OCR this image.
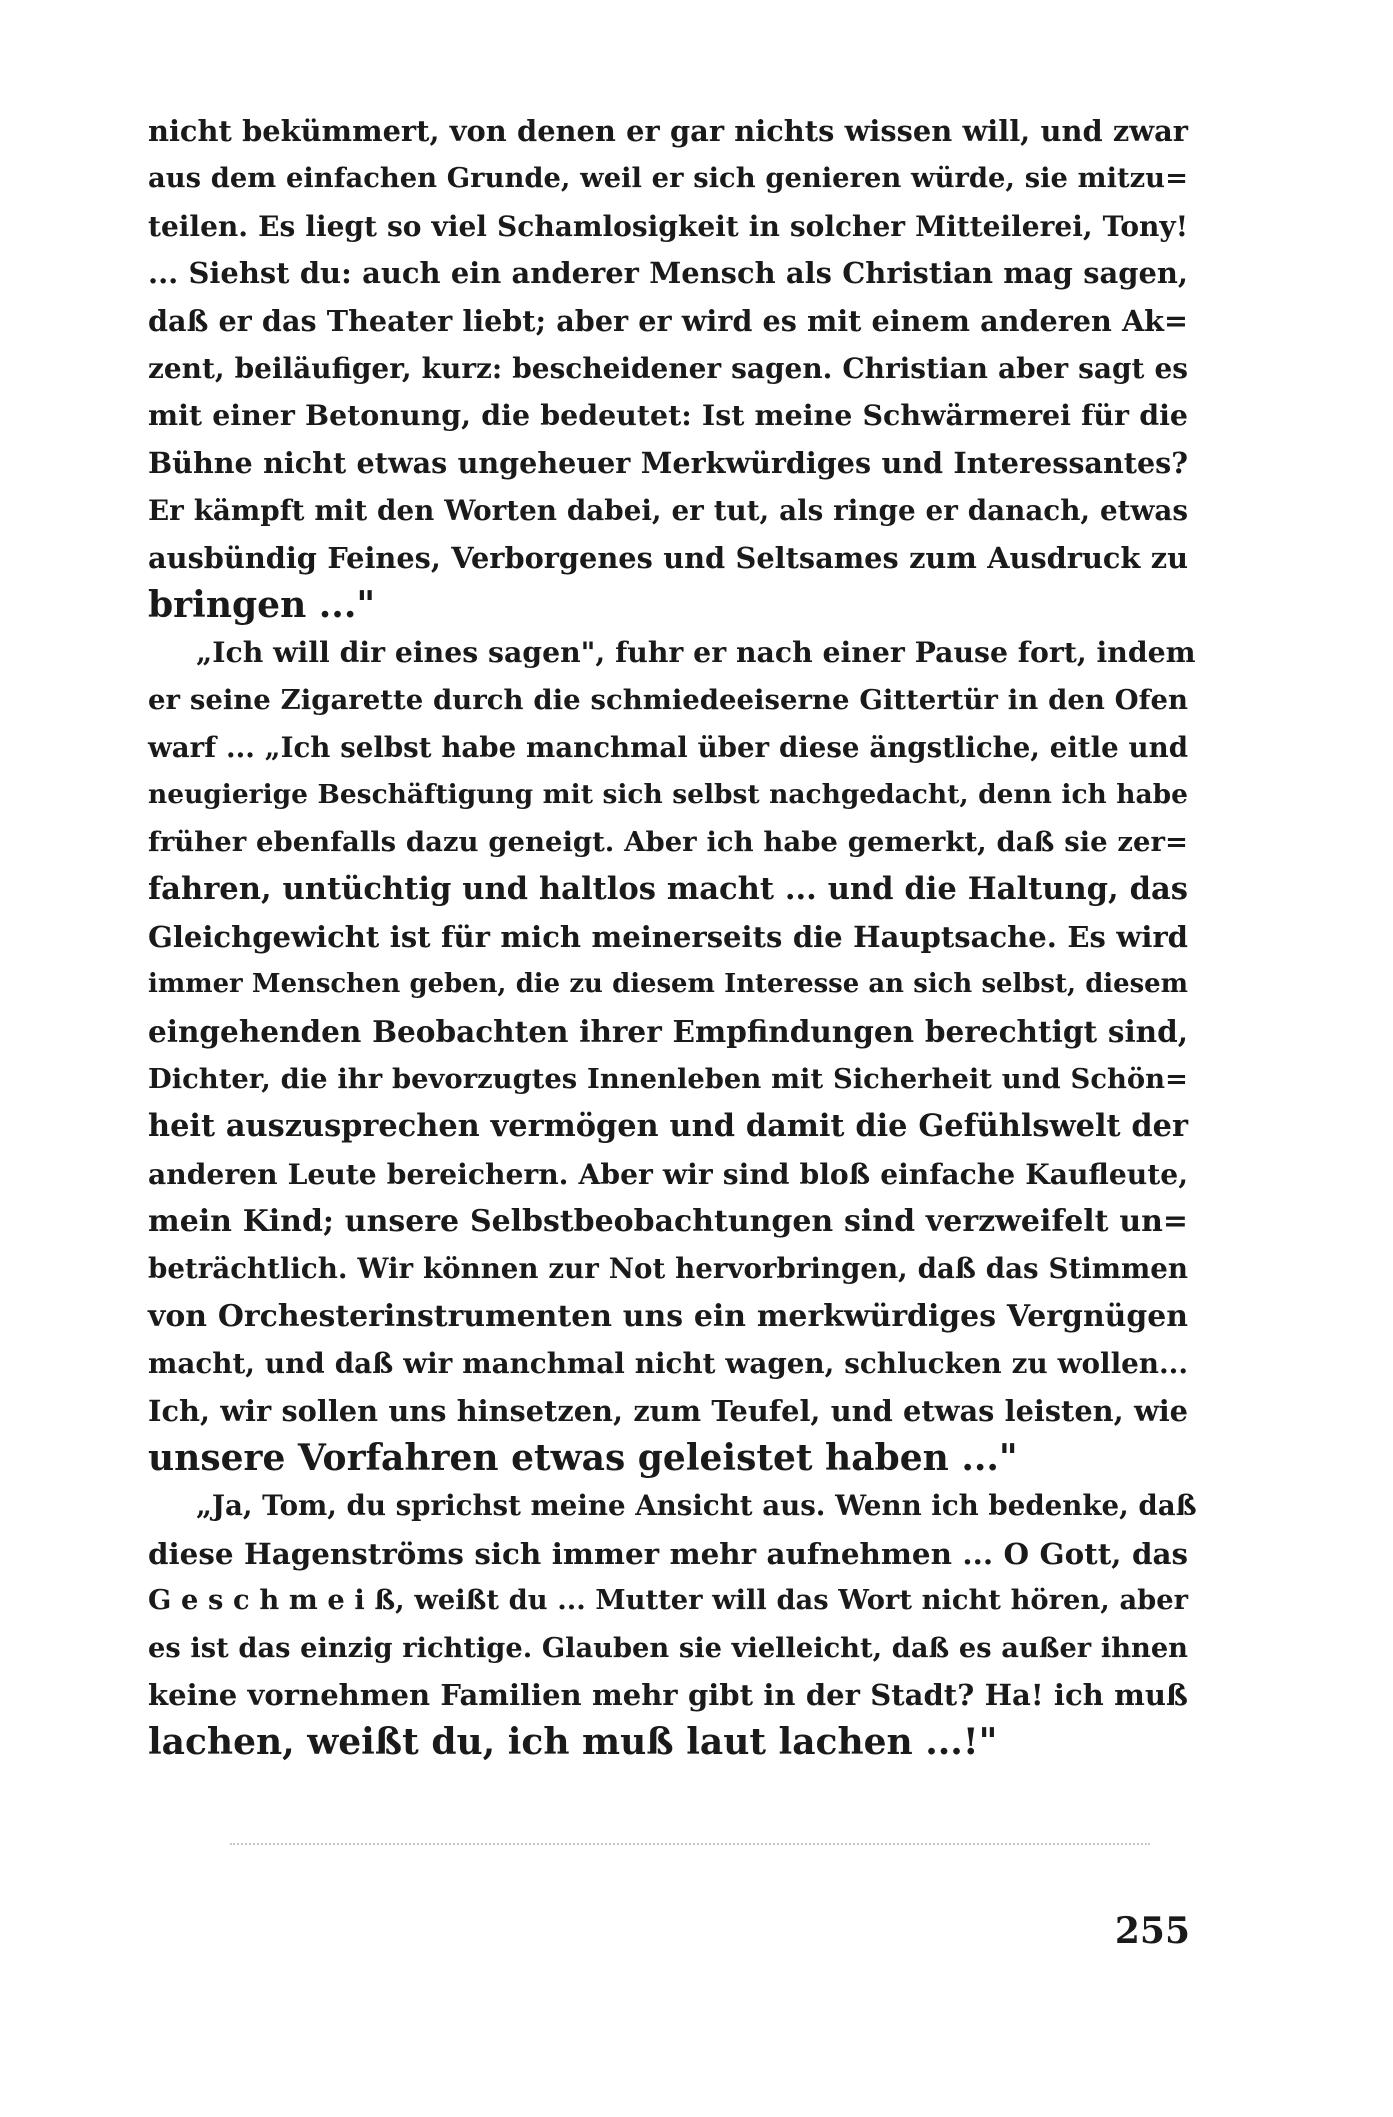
nicht bekümmert, von denen er gar nichts wissen will, und zwar
aus dem einfachen Grunde, weil er sich genieren würde, sie mitzu=
teilen. Es liegt so viel Schamlosigkeit in solcher Mitteilerei, Tony!
... Siehst du: auch ein anderer Mensch als Christian mag sagen,
daß er das Theater liebt; aber er wird es mit einem anderen Ak=
zent, beiläufiger, kurz: bescheidener sagen. Christian aber sagt es
mit einer Betonung, die bedeutet: Ist meine Schwärmerei für die
Bühne nicht etwas ungeheuer Merkwürdiges und Interessantes?
Er kämpft mit den Worten dabei, er tut, als ringe er danach, etwas
ausbündig Feines, Verborgenes und Seltsames zum Ausdruck zu
bringen ..."
„Ich will dir eines sagen", fuhr er nach einer Pause fort, indem
er seine Zigarette durch die schmiedeeiserne Gittertür in den Ofen
warf ... „Ich selbst habe manchmal über diese ängstliche, eitle und
neugierige Beschäftigung mit sich selbst nachgedacht, denn ich habe
früher ebenfalls dazu geneigt. Aber ich habe gemerkt, daß sie zer=
fahren, untüchtig und haltlos macht ... und die Haltung, das
Gleichgewicht ist für mich meinerseits die Hauptsache. Es wird
immer Menschen geben, die zu diesem Interesse an sich selbst, diesem
eingehenden Beobachten ihrer Empfindungen berechtigt sind,
Dichter, die ihr bevorzugtes Innenleben mit Sicherheit und Schön=
heit auszusprechen vermögen und damit die Gefühlswelt der
anderen Leute bereichern. Aber wir sind bloß einfache Kaufleute,
mein Kind; unsere Selbstbeobachtungen sind verzweifelt un=
beträchtlich. Wir können zur Not hervorbringen, daß das Stimmen
von Orchesterinstrumenten uns ein merkwürdiges Vergnügen
macht, und daß wir manchmal nicht wagen, schlucken zu wollen...
Ich, wir sollen uns hinsetzen, zum Teufel, und etwas leisten, wie
unsere Vorfahren etwas geleistet haben ..."
„Ja, Tom, du sprichst meine Ansicht aus. Wenn ich bedenke, daß
diese Hagenströms sich immer mehr aufnehmen ... O Gott, das
G e s c h m e i ß, weißt du ... Mutter will das Wort nicht hören, aber
es ist das einzig richtige. Glauben sie vielleicht, daß es außer ihnen
keine vornehmen Familien mehr gibt in der Stadt? Ha! ich muß
lachen, weißt du, ich muß laut lachen ...!"
255
